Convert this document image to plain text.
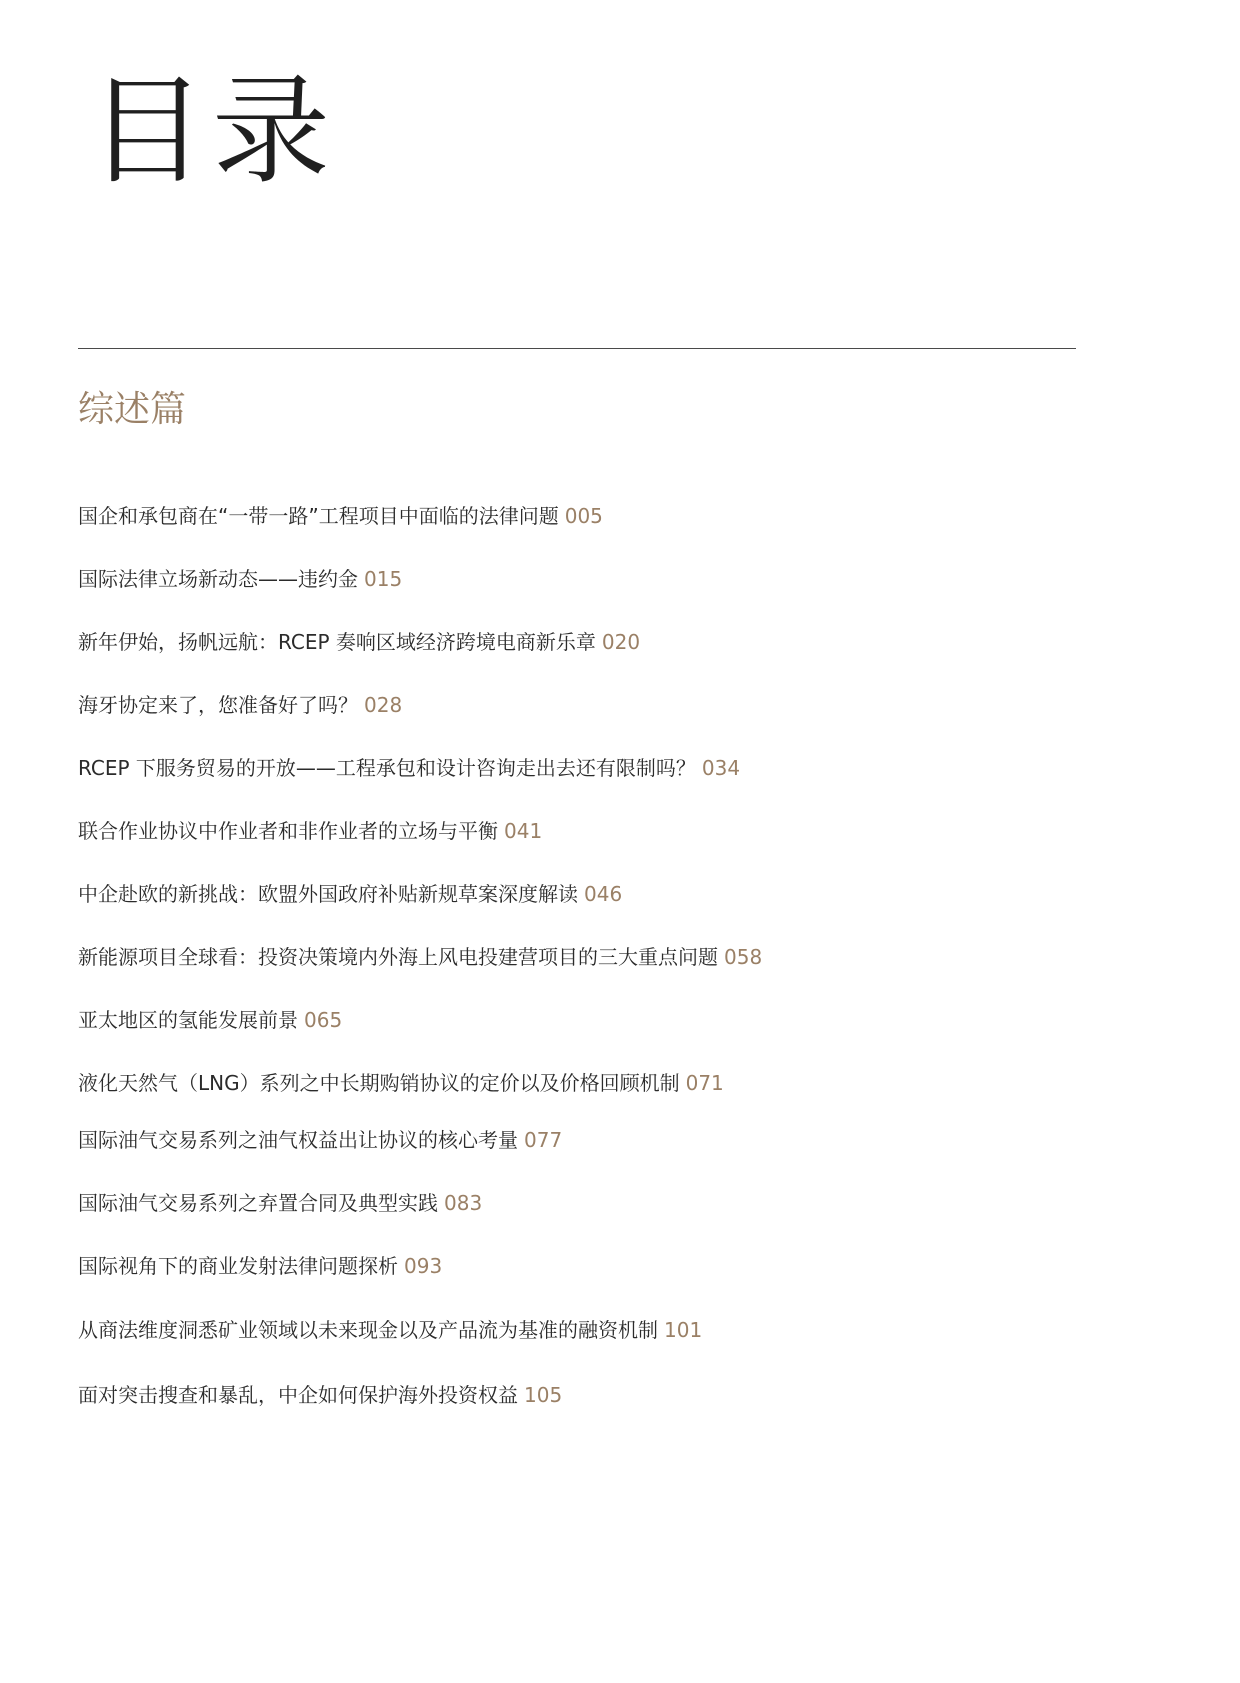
目录
综述篇
国企和承包商在“一带一路”工程项目中面临的法律问题 005
国际法律立场新动态——违约金 015
新年伊始，扬帆远航：RCEP 奏响区域经济跨境电商新乐章 020
海牙协定来了，您准备好了吗？ 028
RCEP 下服务贸易的开放——工程承包和设计咨询走出去还有限制吗？ 034
联合作业协议中作业者和非作业者的立场与平衡 041
中企赴欧的新挑战：欧盟外国政府补贴新规草案深度解读 046
新能源项目全球看：投资决策境内外海上风电投建营项目的三大重点问题 058
亚太地区的氢能发展前景 065
液化天然气（LNG）系列之中长期购销协议的定价以及价格回顾机制 071
国际油气交易系列之油气权益出让协议的核心考量 077
国际油气交易系列之弃置合同及典型实践 083
国际视角下的商业发射法律问题探析 093
从商法维度洞悉矿业领域以未来现金以及产品流为基准的融资机制 101
面对突击搜查和暴乱，中企如何保护海外投资权益 105
